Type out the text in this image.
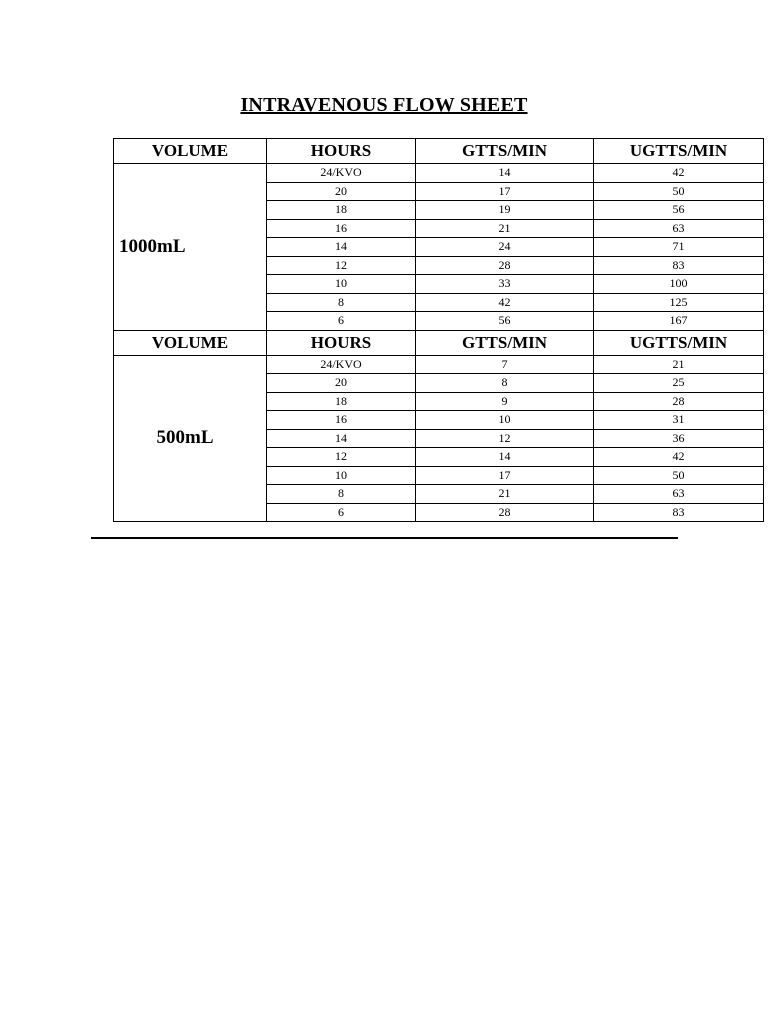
INTRAVENOUS FLOW SHEET
VOLUME	HOURS	GTTS/MIN	UGTTS/MIN
1000mL	24/KVO	14	42
	20	17	50
	18	19	56
	16	21	63
	14	24	71
	12	28	83
	10	33	100
	8	42	125
	6	56	167
VOLUME	HOURS	GTTS/MIN	UGTTS/MIN
500mL	24/KVO	7	21
	20	8	25
	18	9	28
	16	10	31
	14	12	36
	12	14	42
	10	17	50
	8	21	63
	6	28	83
